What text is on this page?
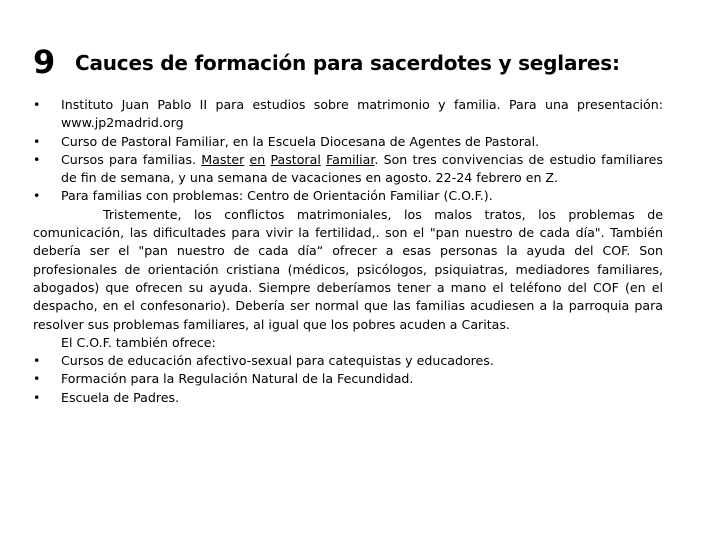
9 Cauces de formación para sacerdotes y seglares:
• Instituto Juan Pablo II para estudios sobre matrimonio y familia. Para una presentación: www.jp2madrid.org
• Curso de Pastoral Familiar, en la Escuela Diocesana de Agentes de Pastoral.
• Cursos para familias. Master en Pastoral Familiar. Son tres convivencias de estudio familiares de fin de semana, y una semana de vacaciones en agosto. 22-24 febrero en Z.
• Para familias con problemas: Centro de Orientación Familiar (C.O.F.).
Tristemente, los conflictos matrimoniales, los malos tratos, los problemas de comunicación, las dificultades para vivir la fertilidad,. son el "pan nuestro de cada día". También debería ser el "pan nuestro de cada día“ ofrecer a esas personas la ayuda del COF. Son profesionales de orientación cristiana (médicos, psicólogos, psiquiatras, mediadores familiares, abogados) que ofrecen su ayuda. Siempre deberíamos tener a mano el teléfono del COF (en el despacho, en el confesonario). Debería ser normal que las familias acudiesen a la parroquia para resolver sus problemas familiares, al igual que los pobres acuden a Caritas.
El C.O.F. también ofrece:
• Cursos de educación afectivo-sexual para catequistas y educadores.
• Formación para la Regulación Natural de la Fecundidad.
• Escuela de Padres.
